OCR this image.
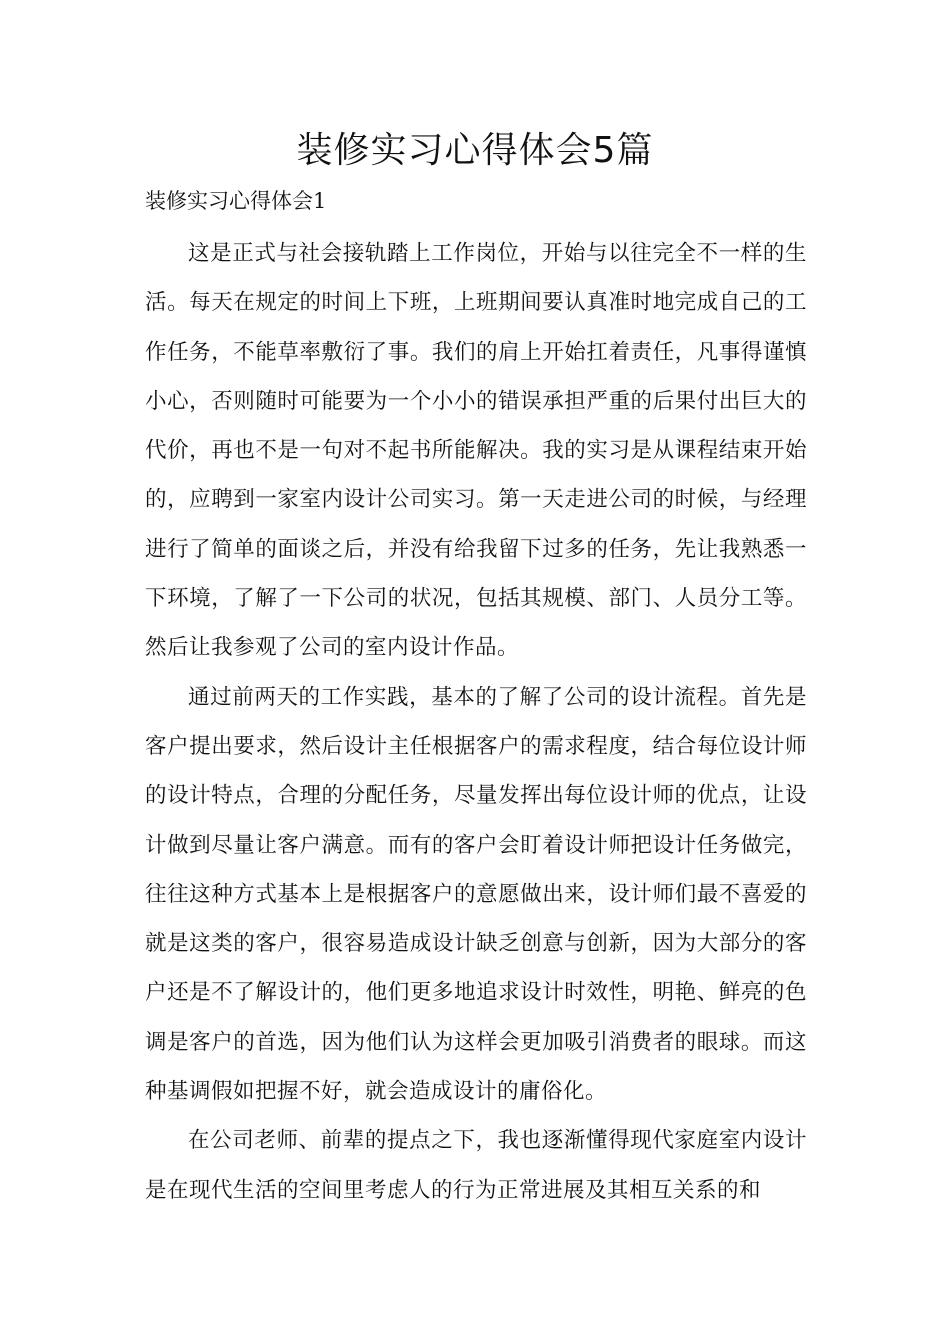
装修实习心得体会5篇
装修实习心得体会1

这是正式与社会接轨踏上工作岗位，开始与以往完全不一样的生活。每天在规定的时间上下班，上班期间要认真准时地完成自己的工作任务，不能草率敷衍了事。我们的肩上开始扛着责任，凡事得谨慎小心，否则随时可能要为一个小小的错误承担严重的后果付出巨大的代价，再也不是一句对不起书所能解决。我的实习是从课程结束开始的，应聘到一家室内设计公司实习。第一天走进公司的时候，与经理进行了简单的面谈之后，并没有给我留下过多的任务，先让我熟悉一下环境，了解了一下公司的状况，包括其规模、部门、人员分工等。然后让我参观了公司的室内设计作品。

通过前两天的工作实践，基本的了解了公司的设计流程。首先是客户提出要求，然后设计主任根据客户的需求程度，结合每位设计师的设计特点，合理的分配任务，尽量发挥出每位设计师的优点，让设计做到尽量让客户满意。而有的客户会盯着设计师把设计任务做完，往往这种方式基本上是根据客户的意愿做出来，设计师们最不喜爱的就是这类的客户，很容易造成设计缺乏创意与创新，因为大部分的客户还是不了解设计的，他们更多地追求设计时效性，明艳、鲜亮的色调是客户的首选，因为他们认为这样会更加吸引消费者的眼球。而这种基调假如把握不好，就会造成设计的庸俗化。

在公司老师、前辈的提点之下，我也逐渐懂得现代家庭室内设计是在现代生活的空间里考虑人的行为正常进展及其相互关系的和
